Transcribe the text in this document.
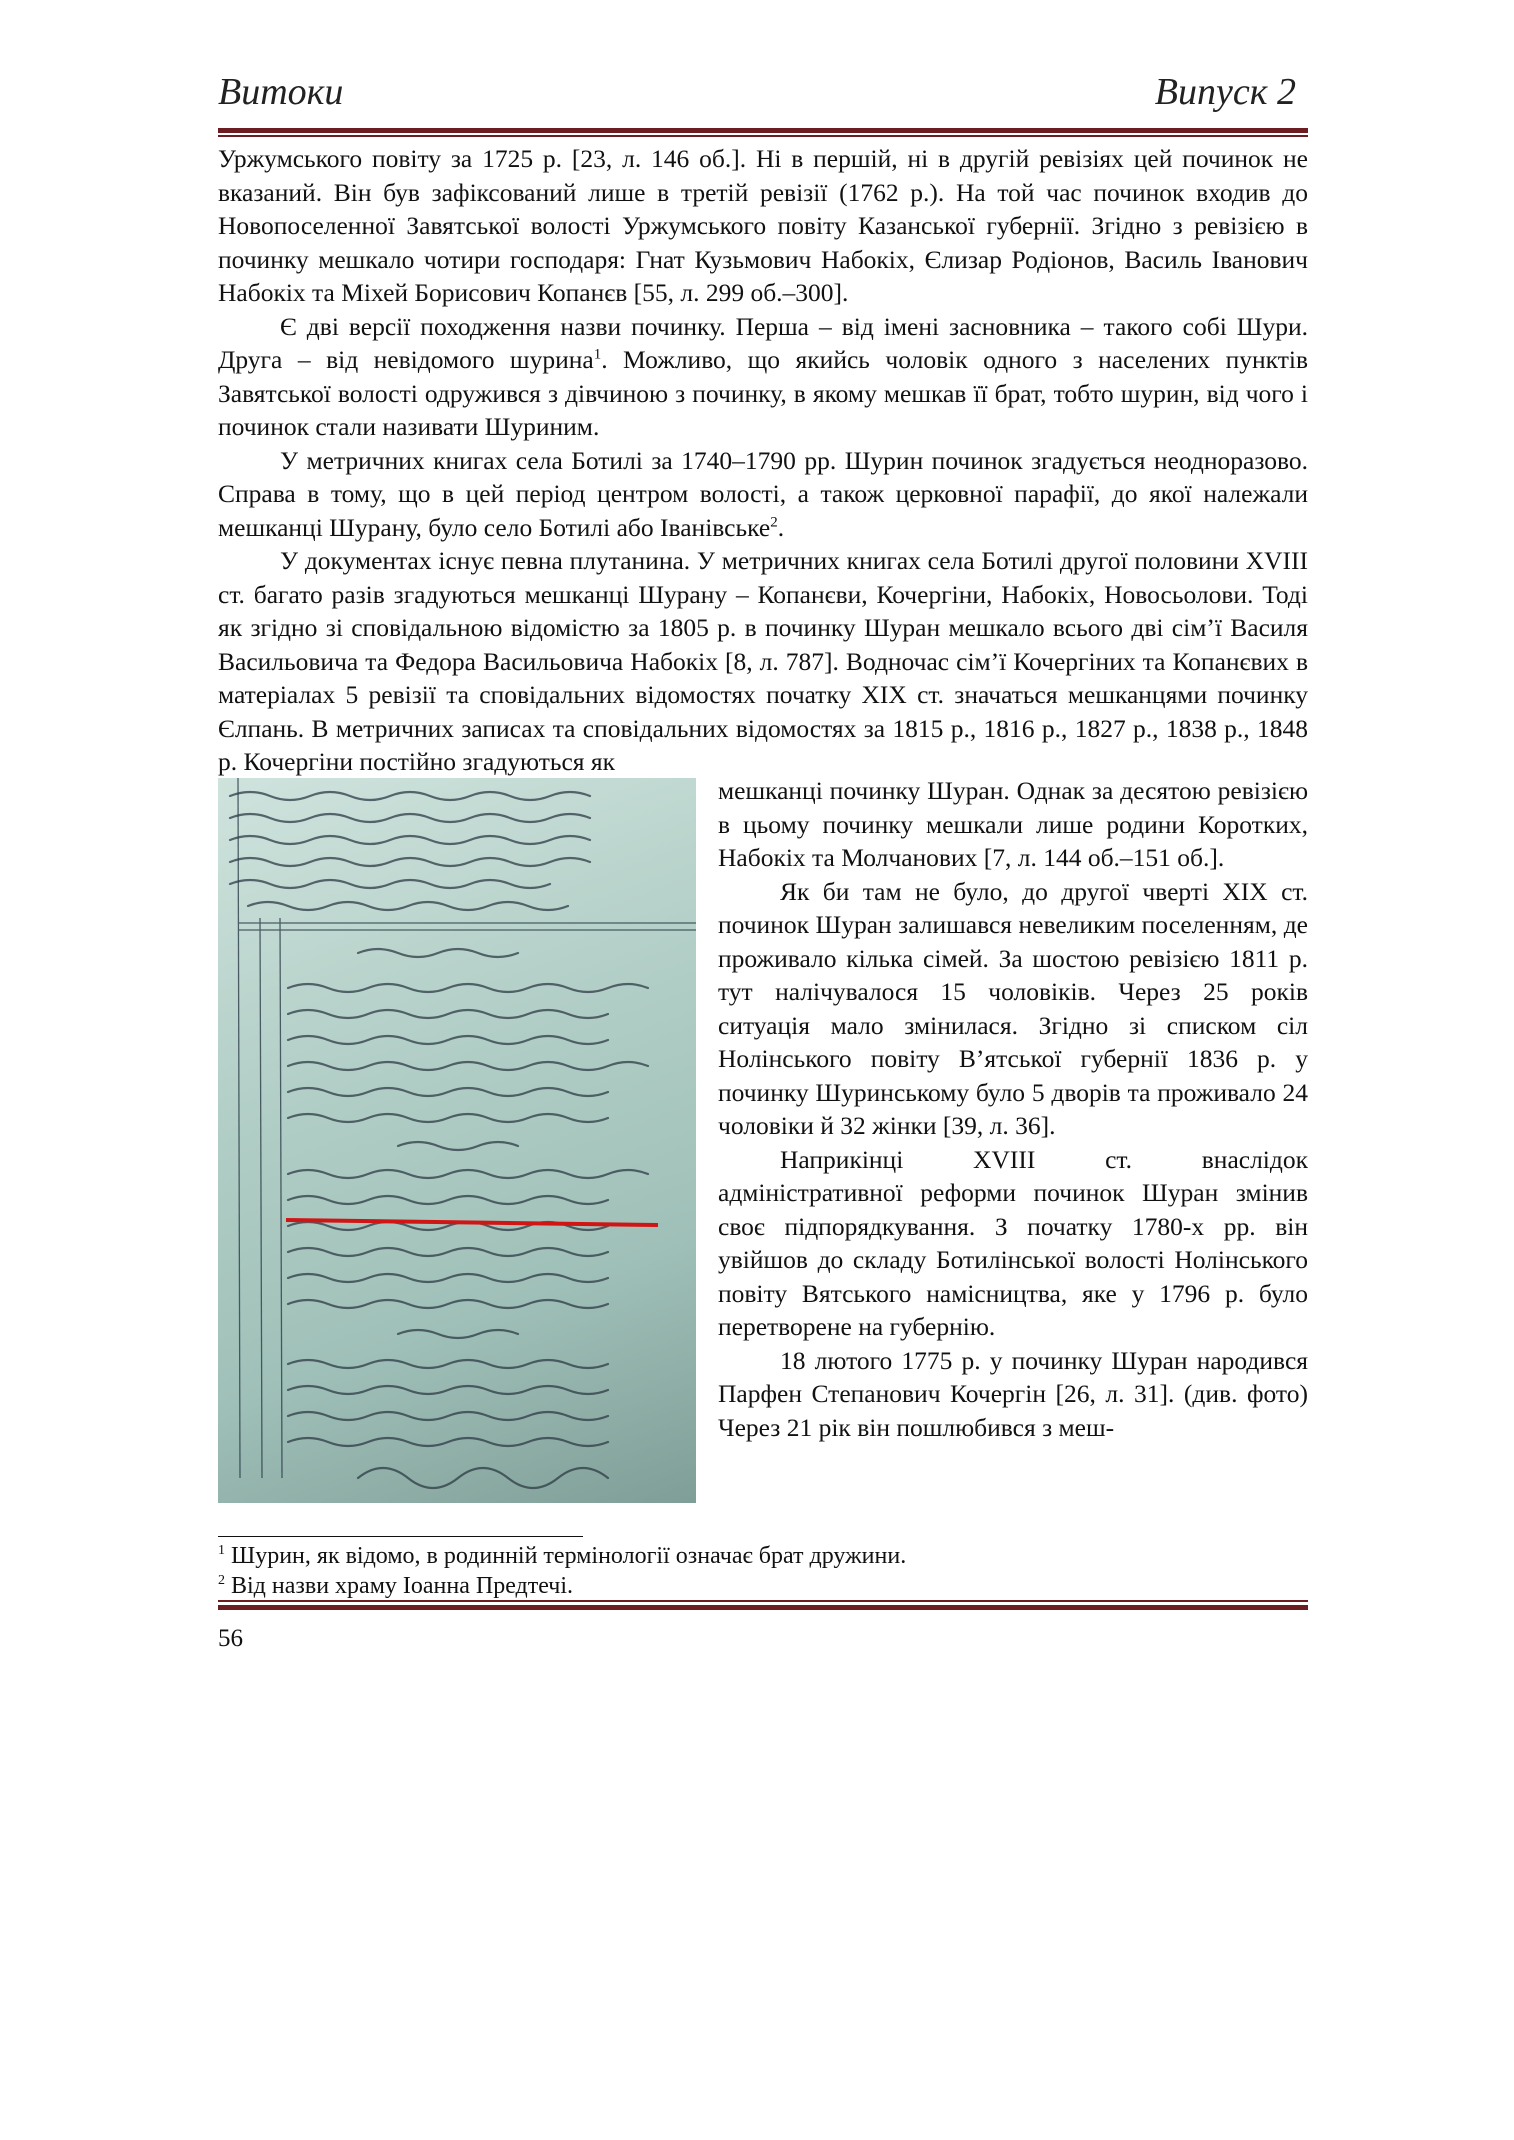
Витоки	Випуск 2

Уржумського повіту за 1725 р. [23, л. 146 об.]. Ні в першій, ні в другій ревізіях цей починок не вказаний. Він був зафіксований лише в третій ревізії (1762 р.). На той час починок входив до Новопоселенної Завятської волості Уржумського повіту Казанської губернії. Згідно з ревізією в починку мешкало чотири господаря: Гнат Кузьмович Набокіх, Єлизар Родіонов, Василь Іванович Набокіх та Міхей Борисович Копанєв [55, л. 299 об.–300].

Є дві версії походження назви починку. Перша – від імені засновника – такого собі Шури. Друга – від невідомого шурина$^1$. Можливо, що якийсь чоловік одного з населених пунктів Завятської волості одружився з дівчиною з починку, в якому мешкав її брат, тобто шурин, від чого і починок стали називати Шуриним.

У метричних книгах села Ботилі за 1740–1790 рр. Шурин починок згадується неодноразово. Справа в тому, що в цей період центром волості, а також церковної парафії, до якої належали мешканці Шурану, було село Ботилі або Іванівське$^2$.

У документах існує певна плутанина. У метричних книгах села Ботилі другої половини XVIII ст. багато разів згадуються мешканці Шурану – Копанєви, Кочергіни, Набокіх, Новосьолови. Тоді як згідно зі сповідальною відомістю за 1805 р. в починку Шуран мешкало всього дві сім’ї Василя Васильовича та Федора Васильовича Набокіх [8, л. 787]. Водночас сім’ї Кочергіних та Копанєвих в матеріалах 5 ревізії та сповідальних відомостях початку XIX ст. значаться мешканцями починку Єлпань. В метричних записах та сповідальних відомостях за 1815 р., 1816 р., 1827 р., 1838 р., 1848 р. Кочергіни постійно згадуються як

мешканці починку Шуран. Однак за десятою ревізією в цьому починку мешкали лише родини Коротких, Набокіх та Молчанових [7, л. 144 об.–151 об.].

Як би там не було, до другої чверті XIX ст. починок Шуран залишався невеликим поселенням, де проживало кілька сімей. За шостою ревізією 1811 р. тут налічувалося 15 чоловіків. Через 25 років ситуація мало змінилася. Згідно зі списком сіл Нолінського повіту В’ятської губернії 1836 р. у починку Шуринському було 5 дворів та проживало 24 чоловіки й 32 жінки [39, л. 36].

Наприкінці XVIII ст. внаслідок адміністративної реформи починок Шуран змінив своє підпорядкування. З початку 1780-х рр. він увійшов до складу Ботилінської волості Нолінського повіту Вятського намісництва, яке у 1796 р. було перетворене на губернію.

18 лютого 1775 р. у починку Шуран народився Парфен Степанович Кочергін [26, л. 31]. (див. фото) Через 21 рік він пошлюбився з меш-

$^1$ Шурин, як відомо, в родинній термінології означає брат дружини.

$^2$ Від назви храму Іоанна Предтечі.

56
